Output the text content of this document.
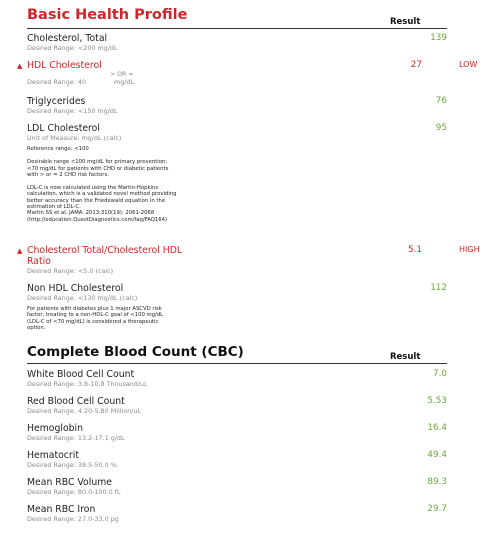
Basic Health Profile	Result
Cholesterol, Total
Desired Range: <200 mg/dL
139
▲ HDL Cholesterol
> OR =
Desired Range: 40	mg/dL
27	LOW
Triglycerides
Desired Range: <150 mg/dL
76
LDL Cholesterol
Unit of Measure: mg/dL (calc)
Reference range: <100
Desirable range <100 mg/dL for primary prevention;
<70 mg/dL for patients with CHD or diabetic patients
with > or = 2 CHD risk factors.
LDL-C is now calculated using the Martin-Hopkins
calculation, which is a validated novel method providing
better accuracy than the Friedewald equation in the
estimation of LDL-C.
Martin SS et al. JAMA. 2013;310(19): 2061-2068
(http://education.QuestDiagnostics.com/faq/FAQ164)
95
▲ Cholesterol Total/Cholesterol HDL
Ratio
Desired Range: <5.0 (calc)
5.1	HIGH
Non HDL Cholesterol
Desired Range: <130 mg/dL (calc)
For patients with diabetes plus 1 major ASCVD risk
factor, treating to a non-HDL-C goal of <100 mg/dL
(LDL-C of <70 mg/dL) is considered a therapeutic
option.
112
Complete Blood Count (CBC)	Result
White Blood Cell Count
Desired Range: 3.8-10.8 Thousand/uL
7.0
Red Blood Cell Count
Desired Range: 4.20-5.80 Million/uL
5.53
Hemoglobin
Desired Range: 13.2-17.1 g/dL
16.4
Hematocrit
Desired Range: 38.5-50.0 %
49.4
Mean RBC Volume
Desired Range: 80.0-100.0 fL
89.3
Mean RBC Iron
Desired Range: 27.0-33.0 pg
29.7
